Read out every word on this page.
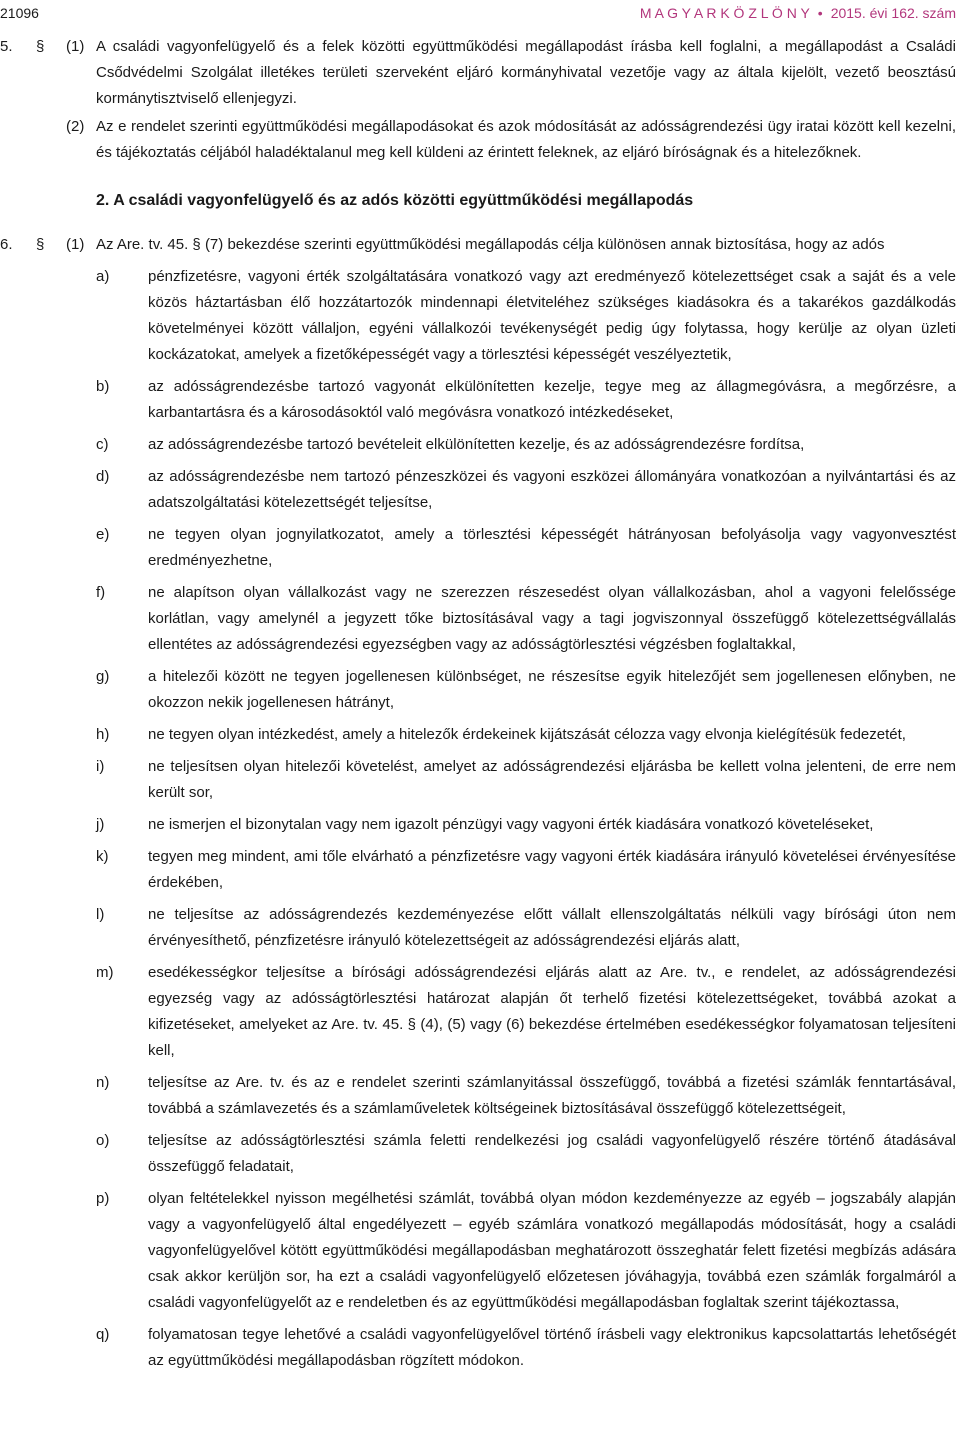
21096	M A G Y A R K Ö Z L Ö N Y • 2015. évi 162. szám
5. § (1) A családi vagyonfelügyelő és a felek közötti együttműködési megállapodást írásba kell foglalni, a megállapodást a Családi Csődvédelmi Szolgálat illetékes területi szerveként eljáró kormányhivatal vezetője vagy az általa kijelölt, vezető beosztású kormánytisztviselő ellenjegyzi.
(2) Az e rendelet szerinti együttműködési megállapodásokat és azok módosítását az adósságrendezési ügy iratai között kell kezelni, és tájékoztatás céljából haladéktalanul meg kell küldeni az érintett feleknek, az eljáró bíróságnak és a hitelezőknek.
2. A családi vagyonfelügyelő és az adós közötti együttműködési megállapodás
6. § (1) Az Are. tv. 45. § (7) bekezdése szerinti együttműködési megállapodás célja különösen annak biztosítása, hogy az adós
a)	pénzfizetésre, vagyoni érték szolgáltatására vonatkozó vagy azt eredményező kötelezettséget csak a saját és a vele közös háztartásban élő hozzátartozók mindennapi életviteléhez szükséges kiadásokra és a takarékos gazdálkodás követelményei között vállaljon, egyéni vállalkozói tevékenységét pedig úgy folytassa, hogy kerülje az olyan üzleti kockázatokat, amelyek a fizetőképességét vagy a törlesztési képességét veszélyeztetik,
b)	az adósságrendezésbe tartozó vagyonát elkülönítetten kezelje, tegye meg az állagmegóvásra, a megőrzésre, a karbantartásra és a károsodásoktól való megóvásra vonatkozó intézkedéseket,
c)	az adósságrendezésbe tartozó bevételeit elkülönítetten kezelje, és az adósságrendezésre fordítsa,
d)	az adósságrendezésbe nem tartozó pénzeszközei és vagyoni eszközei állományára vonatkozóan a nyilvántartási és az adatszolgáltatási kötelezettségét teljesítse,
e)	ne tegyen olyan jognyilatkozatot, amely a törlesztési képességét hátrányosan befolyásolja vagy vagyonvesztést eredményezhetne,
f)	ne alapítson olyan vállalkozást vagy ne szerezzen részesedést olyan vállalkozásban, ahol a vagyoni felelőssége korlátlan, vagy amelynél a jegyzett tőke biztosításával vagy a tagi jogviszonnyal összefüggő kötelezettségvállalás ellentétes az adósságrendezési egyezségben vagy az adósságtörlesztési végzésben foglaltakkal,
g)	a hitelezői között ne tegyen jogellenesen különbséget, ne részesítse egyik hitelezőjét sem jogellenesen előnyben, ne okozzon nekik jogellenesen hátrányt,
h)	ne tegyen olyan intézkedést, amely a hitelezők érdekeinek kijátszását célozza vagy elvonja kielégítésük fedezetét,
i)	ne teljesítsen olyan hitelezői követelést, amelyet az adósságrendezési eljárásba be kellett volna jelenteni, de erre nem került sor,
j)	ne ismerjen el bizonytalan vagy nem igazolt pénzügyi vagy vagyoni érték kiadására vonatkozó követeléseket,
k)	tegyen meg mindent, ami tőle elvárható a pénzfizetésre vagy vagyoni érték kiadására irányuló követelései érvényesítése érdekében,
l)	ne teljesítse az adósságrendezés kezdeményezése előtt vállalt ellenszolgáltatás nélküli vagy bírósági úton nem érvényesíthető, pénzfizetésre irányuló kötelezettségeit az adósságrendezési eljárás alatt,
m) esedékességkor teljesítse a bírósági adósságrendezési eljárás alatt az Are. tv., e rendelet, az adósságrendezési egyezség vagy az adósságtörlesztési határozat alapján őt terhelő fizetési kötelezettségeket, továbbá azokat a kifizetéseket, amelyeket az Are. tv. 45. § (4), (5) vagy (6) bekezdése értelmében esedékességkor folyamatosan teljesíteni kell,
n)	teljesítse az Are. tv. és az e rendelet szerinti számlanyitással összefüggő, továbbá a fizetési számlák fenntartásával, továbbá a számlavezetés és a számlaműveletek költségeinek biztosításával összefüggő kötelezettségeit,
o)	teljesítse az adósságtörlesztési számla feletti rendelkezési jog családi vagyonfelügyelő részére történő átadásával összefüggő feladatait,
p)	olyan feltételekkel nyisson megélhetési számlát, továbbá olyan módon kezdeményezze az egyéb – jogszabály alapján vagy a vagyonfelügyelő által engedélyezett – egyéb számlára vonatkozó megállapodás módosítását, hogy a családi vagyonfelügyelővel kötött együttműködési megállapodásban meghatározott összeghatár felett fizetési megbízás adására csak akkor kerüljön sor, ha ezt a családi vagyonfelügyelő előzetesen jóváhagyja, továbbá ezen számlák forgalmáról a családi vagyonfelügyelőt az e rendeletben és az együttműködési megállapodásban foglaltak szerint tájékoztassa,
q)	folyamatosan tegye lehetővé a családi vagyonfelügyelővel történő írásbeli vagy elektronikus kapcsolattartás lehetőségét az együttműködési megállapodásban rögzített módokon.
